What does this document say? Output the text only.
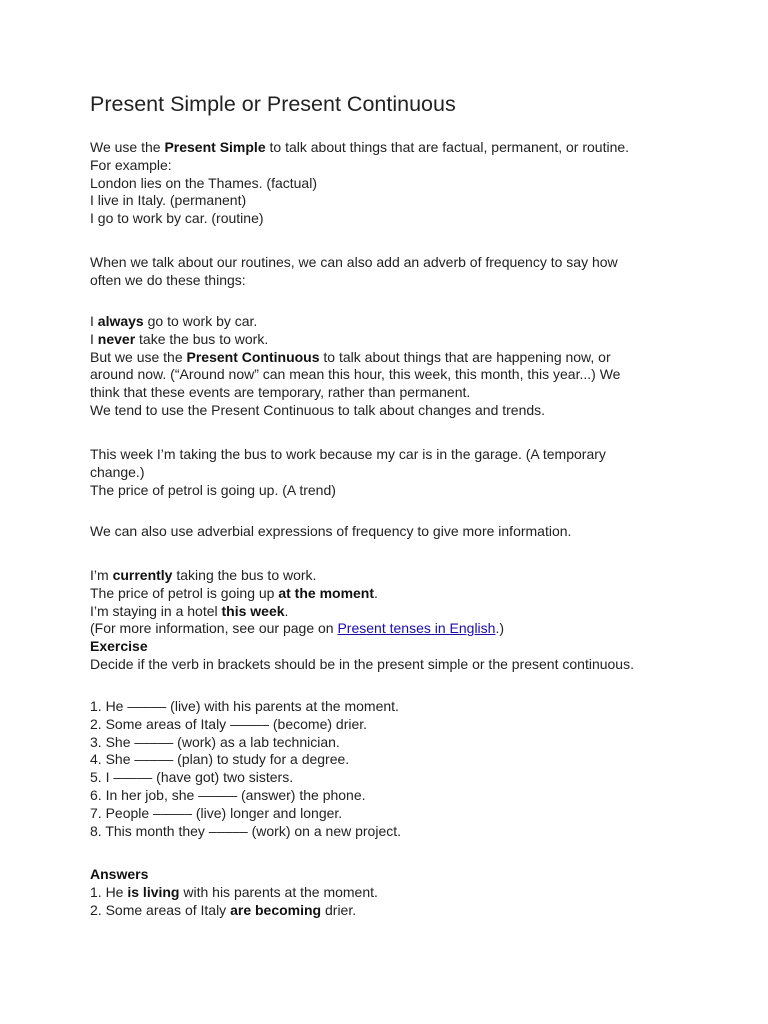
Present Simple or Present Continuous
We use the Present Simple to talk about things that are factual, permanent, or routine.
For example:
London lies on the Thames. (factual)
I live in Italy. (permanent)
I go to work by car. (routine)
When we talk about our routines, we can also add an adverb of frequency to say how
often we do these things:
I always go to work by car.
I never take the bus to work.
But we use the Present Continuous to talk about things that are happening now, or
around now. (“Around now” can mean this hour, this week, this month, this year...) We
think that these events are temporary, rather than permanent.
We tend to use the Present Continuous to talk about changes and trends.
This week I’m taking the bus to work because my car is in the garage. (A temporary
change.)
The price of petrol is going up. (A trend)
We can also use adverbial expressions of frequency to give more information.
I’m currently taking the bus to work.
The price of petrol is going up at the moment.
I’m staying in a hotel this week.
(For more information, see our page on Present tenses in English.)
Exercise
Decide if the verb in brackets should be in the present simple or the present continuous.
1. He ––––– (live) with his parents at the moment.
2. Some areas of Italy ––––– (become) drier.
3. She ––––– (work) as a lab technician.
4. She ––––– (plan) to study for a degree.
5. I ––––– (have got) two sisters.
6. In her job, she ––––– (answer) the phone.
7. People ––––– (live) longer and longer.
8. This month they ––––– (work) on a new project.
Answers
1. He is living with his parents at the moment.
2. Some areas of Italy are becoming drier.
